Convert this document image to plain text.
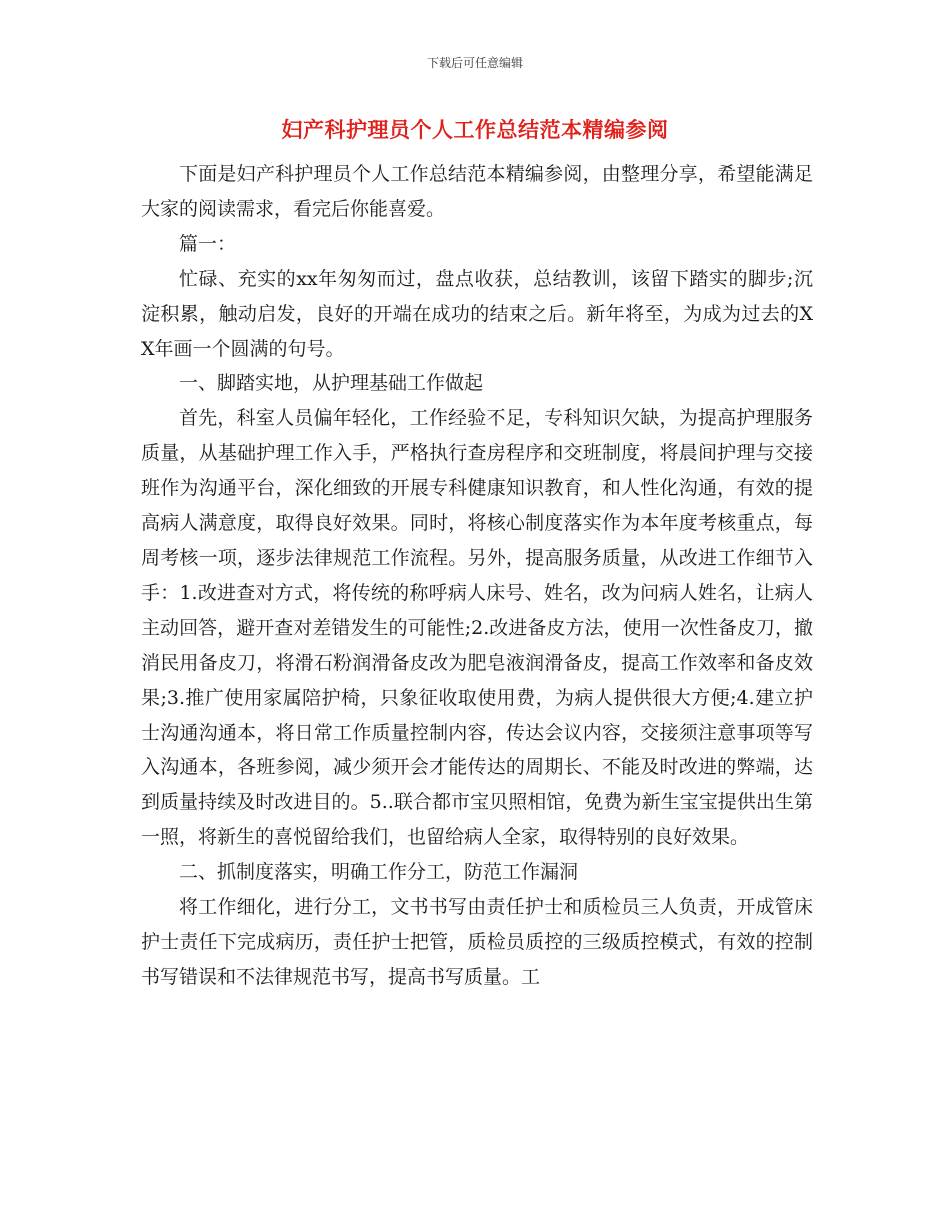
下载后可任意编辑
妇产科护理员个人工作总结范本精编参阅

下面是妇产科护理员个人工作总结范本精编参阅，由整理分享，希望能满足大家的阅读需求，看完后你能喜爱。

篇一：

忙碌、充实的xx年匆匆而过，盘点收获，总结教训，该留下踏实的脚步;沉淀积累，触动启发，良好的开端在成功的结束之后。新年将至，为成为过去的XX年画一个圆满的句号。

一、脚踏实地，从护理基础工作做起

首先，科室人员偏年轻化，工作经验不足，专科知识欠缺，为提高护理服务质量，从基础护理工作入手，严格执行查房程序和交班制度，将晨间护理与交接班作为沟通平台，深化细致的开展专科健康知识教育，和人性化沟通，有效的提高病人满意度，取得良好效果。同时，将核心制度落实作为本年度考核重点，每周考核一项，逐步法律规范工作流程。另外，提高服务质量，从改进工作细节入手：1.改进查对方式，将传统的称呼病人床号、姓名，改为问病人姓名，让病人主动回答，避开查对差错发生的可能性;2.改进备皮方法，使用一次性备皮刀，撤消民用备皮刀，将滑石粉润滑备皮改为肥皂液润滑备皮，提高工作效率和备皮效果;3.推广使用家属陪护椅，只象征收取使用费，为病人提供很大方便;4.建立护士沟通沟通本，将日常工作质量控制内容，传达会议内容，交接须注意事项等写入沟通本，各班参阅，减少须开会才能传达的周期长、不能及时改进的弊端，达到质量持续及时改进目的。5..联合都市宝贝照相馆，免费为新生宝宝提供出生第一照，将新生的喜悦留给我们，也留给病人全家，取得特别的良好效果。

二、抓制度落实，明确工作分工，防范工作漏洞

将工作细化，进行分工，文书书写由责任护士和质检员三人负责，开成管床护士责任下完成病历，责任护士把管，质检员质控的三级质控模式，有效的控制书写错误和不法律规范书写，提高书写质量。工
